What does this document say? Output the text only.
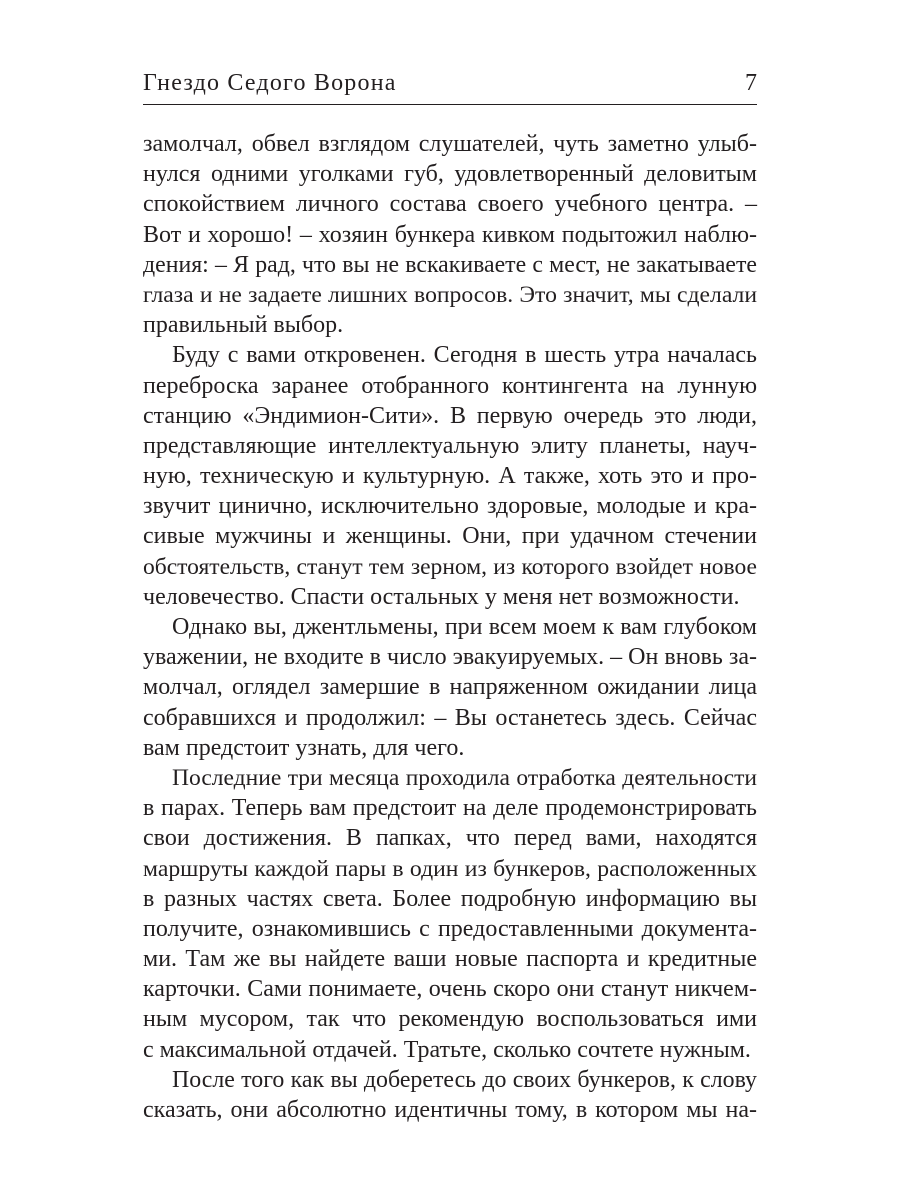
Гнездо Седого Ворона	7
замолчал, обвел взглядом слушателей, чуть заметно улыб-
нулся одними уголками губ, удовлетворенный деловитым
спокойствием личного состава своего учебного центра. –
Вот и хорошо! – хозяин бункера кивком подытожил наблю-
дения: – Я рад, что вы не вскакиваете с мест, не закатываете
глаза и не задаете лишних вопросов. Это значит, мы сделали
правильный выбор.
Буду с вами откровенен. Сегодня в шесть утра началась
переброска заранее отобранного контингента на лунную
станцию «Эндимион-Сити». В первую очередь это люди,
представляющие интеллектуальную элиту планеты, науч-
ную, техническую и культурную. А также, хоть это и про-
звучит цинично, исключительно здоровые, молодые и кра-
сивые мужчины и женщины. Они, при удачном стечении
обстоятельств, станут тем зерном, из которого взойдет новое
человечество. Спасти остальных у меня нет возможности.
Однако вы, джентльмены, при всем моем к вам глубоком
уважении, не входите в число эвакуируемых. – Он вновь за-
молчал, оглядел замершие в напряженном ожидании лица
собравшихся и продолжил: – Вы останетесь здесь. Сейчас
вам предстоит узнать, для чего.
Последние три месяца проходила отработка деятельности
в парах. Теперь вам предстоит на деле продемонстрировать
свои достижения. В папках, что перед вами, находятся
маршруты каждой пары в один из бункеров, расположенных
в разных частях света. Более подробную информацию вы
получите, ознакомившись с предоставленными документа-
ми. Там же вы найдете ваши новые паспорта и кредитные
карточки. Сами понимаете, очень скоро они станут никчем-
ным мусором, так что рекомендую воспользоваться ими
с максимальной отдачей. Тратьте, сколько сочтете нужным.
После того как вы доберетесь до своих бункеров, к слову
сказать, они абсолютно идентичны тому, в котором мы на-
